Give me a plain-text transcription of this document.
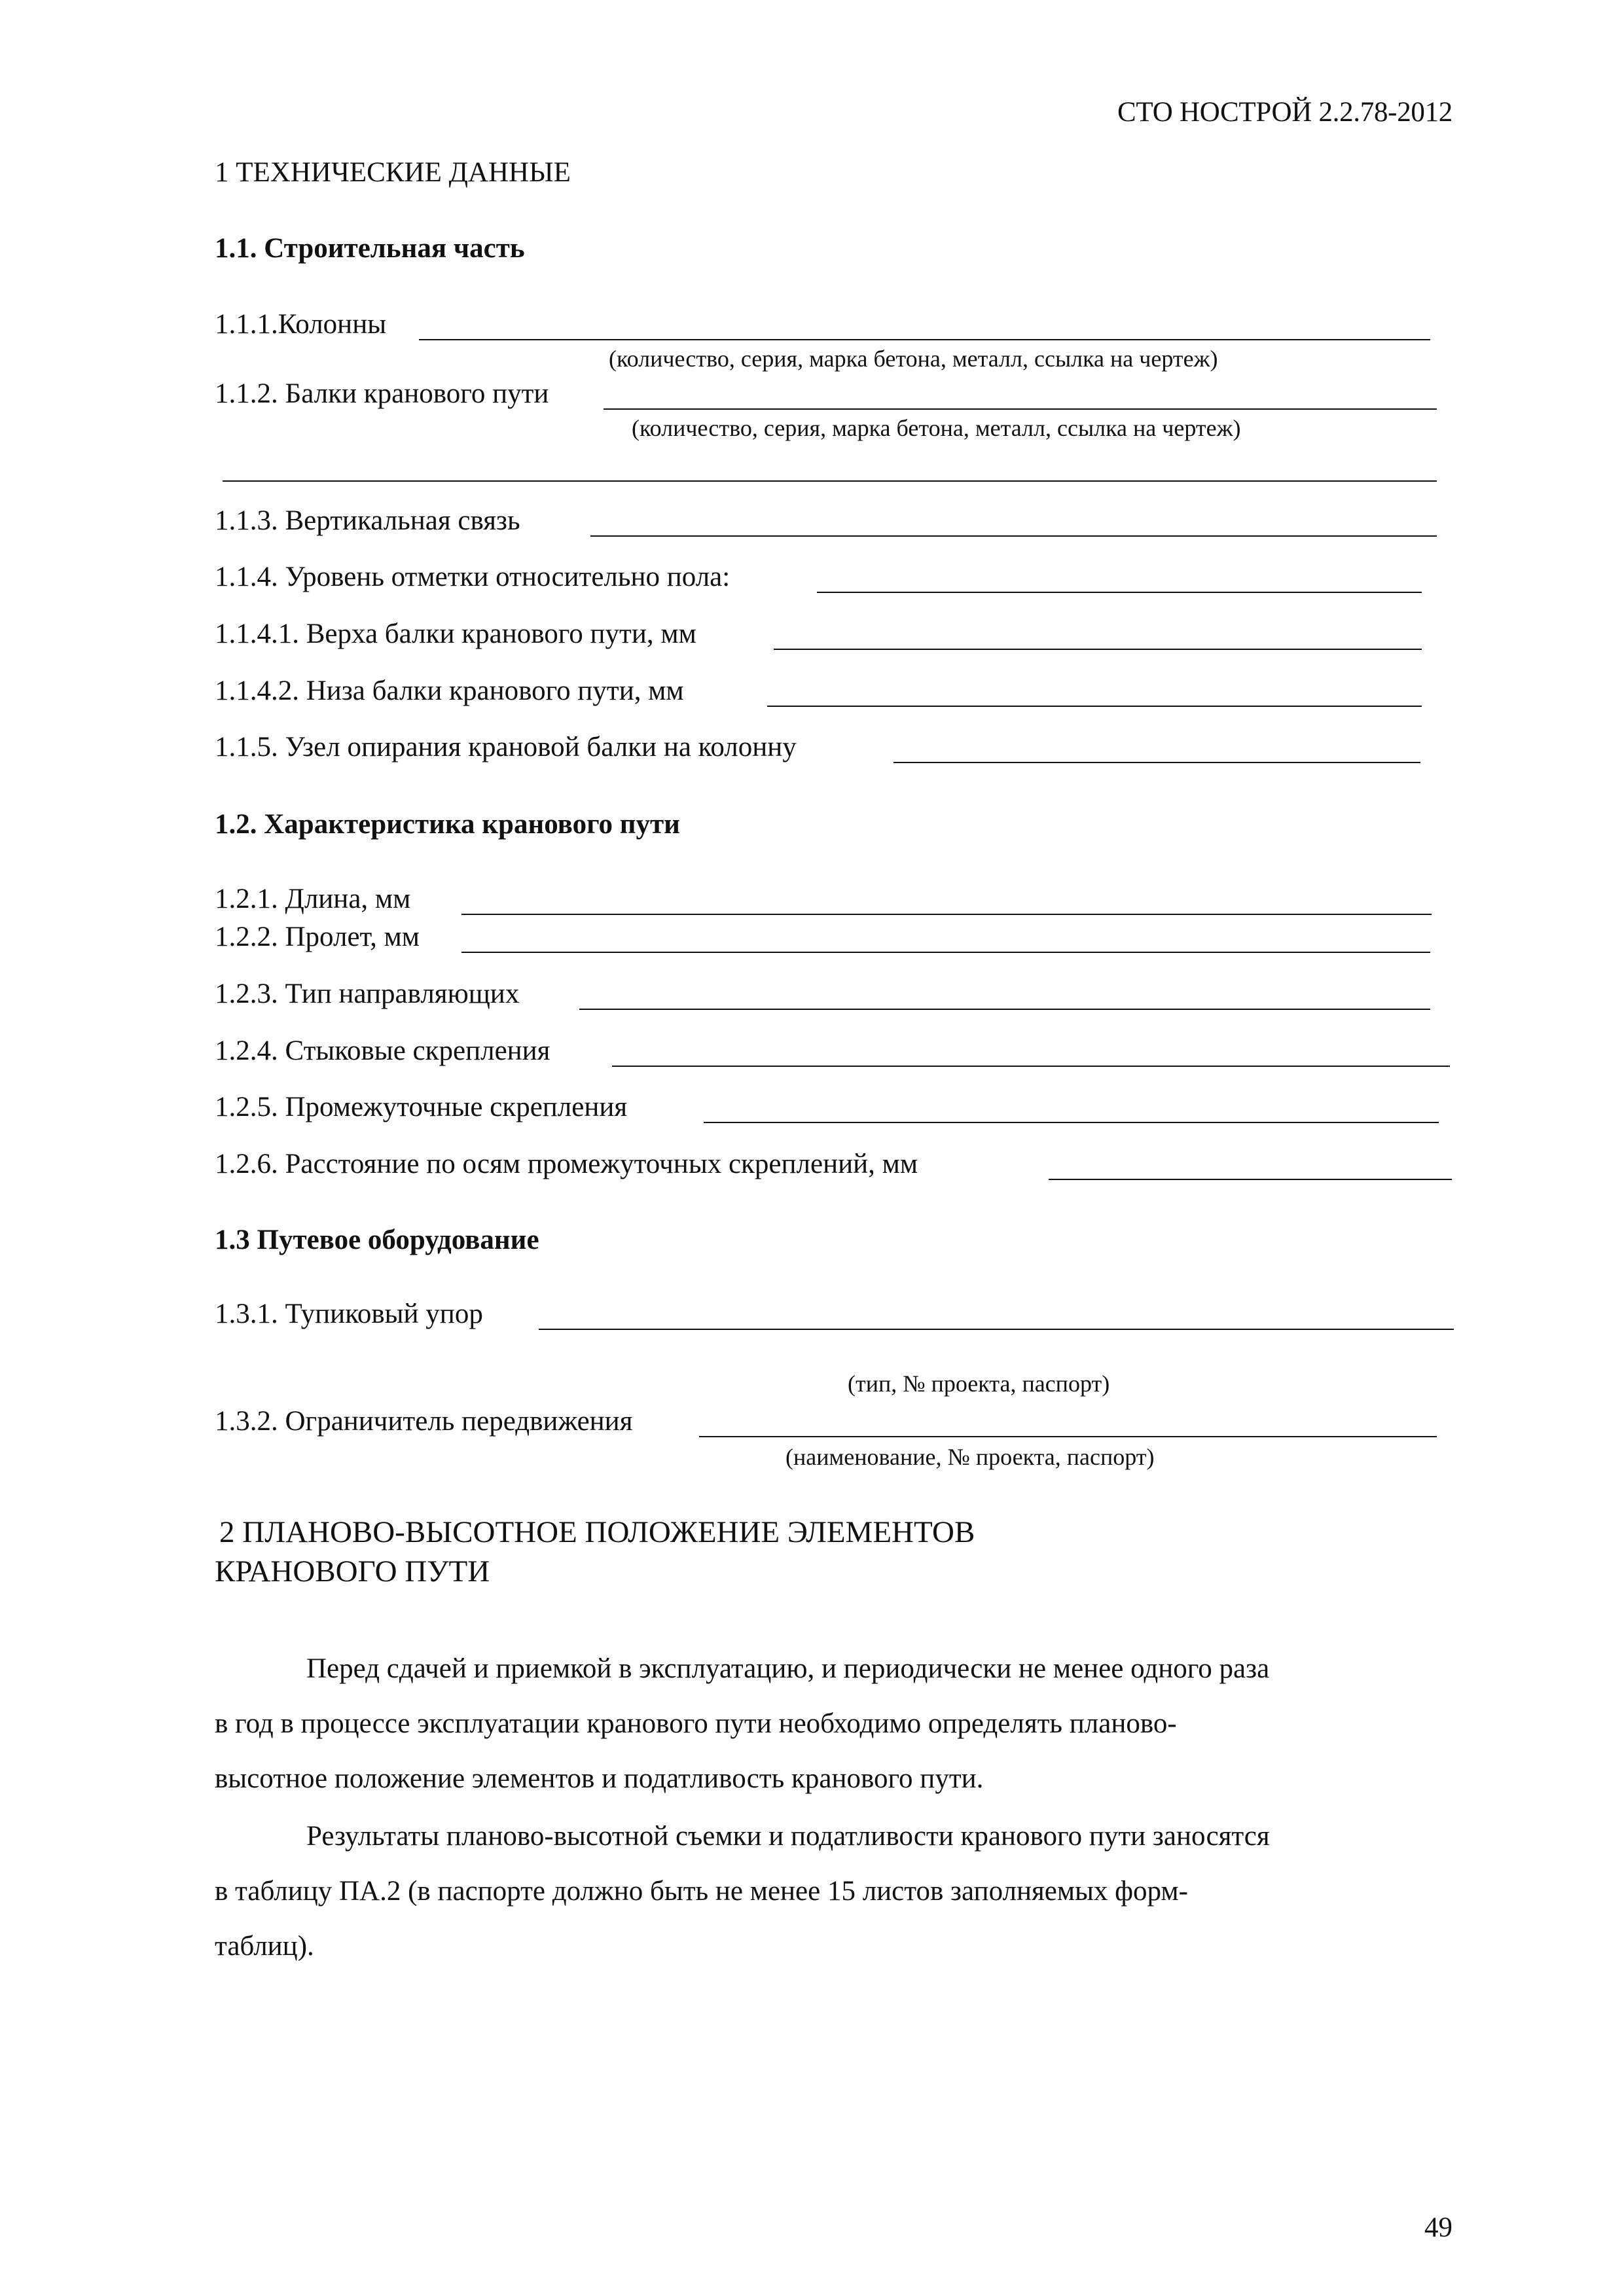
СТО НОСТРОЙ 2.2.78-2012
1 ТЕХНИЧЕСКИЕ ДАННЫЕ
1.1. Строительная часть
1.1.1.Колонны
(количество, серия, марка бетона, металл, ссылка на чертеж)
1.1.2. Балки кранового пути
(количество, серия, марка бетона, металл, ссылка на чертеж)
1.1.3. Вертикальная связь
1.1.4. Уровень отметки относительно пола:
1.1.4.1. Верха балки кранового пути, мм
1.1.4.2. Низа балки кранового пути, мм
1.1.5. Узел опирания крановой балки на колонну
1.2. Характеристика кранового пути
1.2.1. Длина, мм
1.2.2. Пролет, мм
1.2.3. Тип направляющих
1.2.4. Стыковые скрепления
1.2.5. Промежуточные скрепления
1.2.6. Расстояние по осям промежуточных скреплений, мм
1.3 Путевое оборудование
1.3.1. Тупиковый упор
(тип, № проекта, паспорт)
1.3.2. Ограничитель передвижения
(наименование, № проекта, паспорт)
2 ПЛАНОВО-ВЫСОТНОЕ ПОЛОЖЕНИЕ ЭЛЕМЕНТОВ
КРАНОВОГО ПУТИ
Перед сдачей и приемкой в эксплуатацию, и периодически не менее одного раза
в год в процессе эксплуатации кранового пути необходимо определять планово-
высотное положение элементов и податливость кранового пути.
Результаты планово-высотной съемки и податливости кранового пути заносятся
в таблицу ПА.2 (в паспорте должно быть не менее 15 листов заполняемых форм-
таблиц).
49
